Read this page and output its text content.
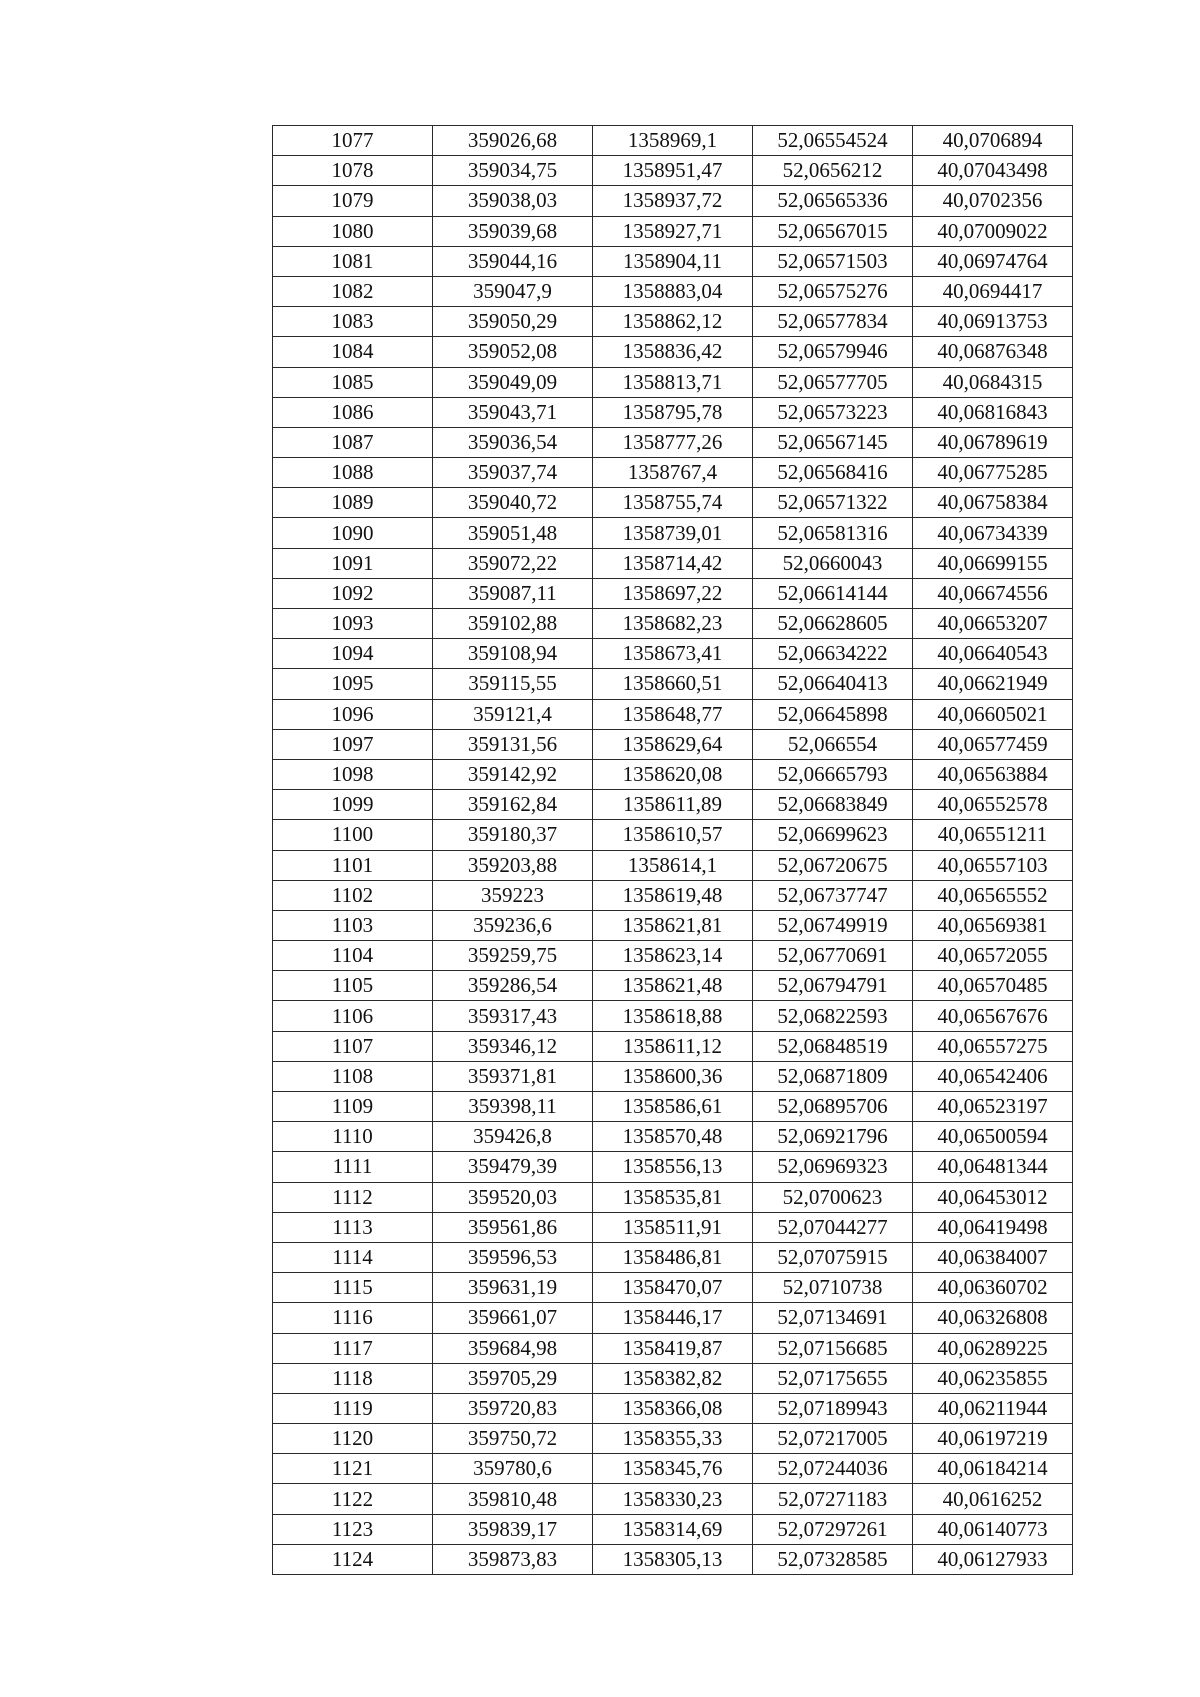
1077	359026,68	1358969,1	52,06554524	40,0706894
1078	359034,75	1358951,47	52,0656212	40,07043498
1079	359038,03	1358937,72	52,06565336	40,0702356
1080	359039,68	1358927,71	52,06567015	40,07009022
1081	359044,16	1358904,11	52,06571503	40,06974764
1082	359047,9	1358883,04	52,06575276	40,0694417
1083	359050,29	1358862,12	52,06577834	40,06913753
1084	359052,08	1358836,42	52,06579946	40,06876348
1085	359049,09	1358813,71	52,06577705	40,0684315
1086	359043,71	1358795,78	52,06573223	40,06816843
1087	359036,54	1358777,26	52,06567145	40,06789619
1088	359037,74	1358767,4	52,06568416	40,06775285
1089	359040,72	1358755,74	52,06571322	40,06758384
1090	359051,48	1358739,01	52,06581316	40,06734339
1091	359072,22	1358714,42	52,0660043	40,06699155
1092	359087,11	1358697,22	52,06614144	40,06674556
1093	359102,88	1358682,23	52,06628605	40,06653207
1094	359108,94	1358673,41	52,06634222	40,06640543
1095	359115,55	1358660,51	52,06640413	40,06621949
1096	359121,4	1358648,77	52,06645898	40,06605021
1097	359131,56	1358629,64	52,066554	40,06577459
1098	359142,92	1358620,08	52,06665793	40,06563884
1099	359162,84	1358611,89	52,06683849	40,06552578
1100	359180,37	1358610,57	52,06699623	40,06551211
1101	359203,88	1358614,1	52,06720675	40,06557103
1102	359223	1358619,48	52,06737747	40,06565552
1103	359236,6	1358621,81	52,06749919	40,06569381
1104	359259,75	1358623,14	52,06770691	40,06572055
1105	359286,54	1358621,48	52,06794791	40,06570485
1106	359317,43	1358618,88	52,06822593	40,06567676
1107	359346,12	1358611,12	52,06848519	40,06557275
1108	359371,81	1358600,36	52,06871809	40,06542406
1109	359398,11	1358586,61	52,06895706	40,06523197
1110	359426,8	1358570,48	52,06921796	40,06500594
1111	359479,39	1358556,13	52,06969323	40,06481344
1112	359520,03	1358535,81	52,0700623	40,06453012
1113	359561,86	1358511,91	52,07044277	40,06419498
1114	359596,53	1358486,81	52,07075915	40,06384007
1115	359631,19	1358470,07	52,0710738	40,06360702
1116	359661,07	1358446,17	52,07134691	40,06326808
1117	359684,98	1358419,87	52,07156685	40,06289225
1118	359705,29	1358382,82	52,07175655	40,06235855
1119	359720,83	1358366,08	52,07189943	40,06211944
1120	359750,72	1358355,33	52,07217005	40,06197219
1121	359780,6	1358345,76	52,07244036	40,06184214
1122	359810,48	1358330,23	52,07271183	40,0616252
1123	359839,17	1358314,69	52,07297261	40,06140773
1124	359873,83	1358305,13	52,07328585	40,06127933
